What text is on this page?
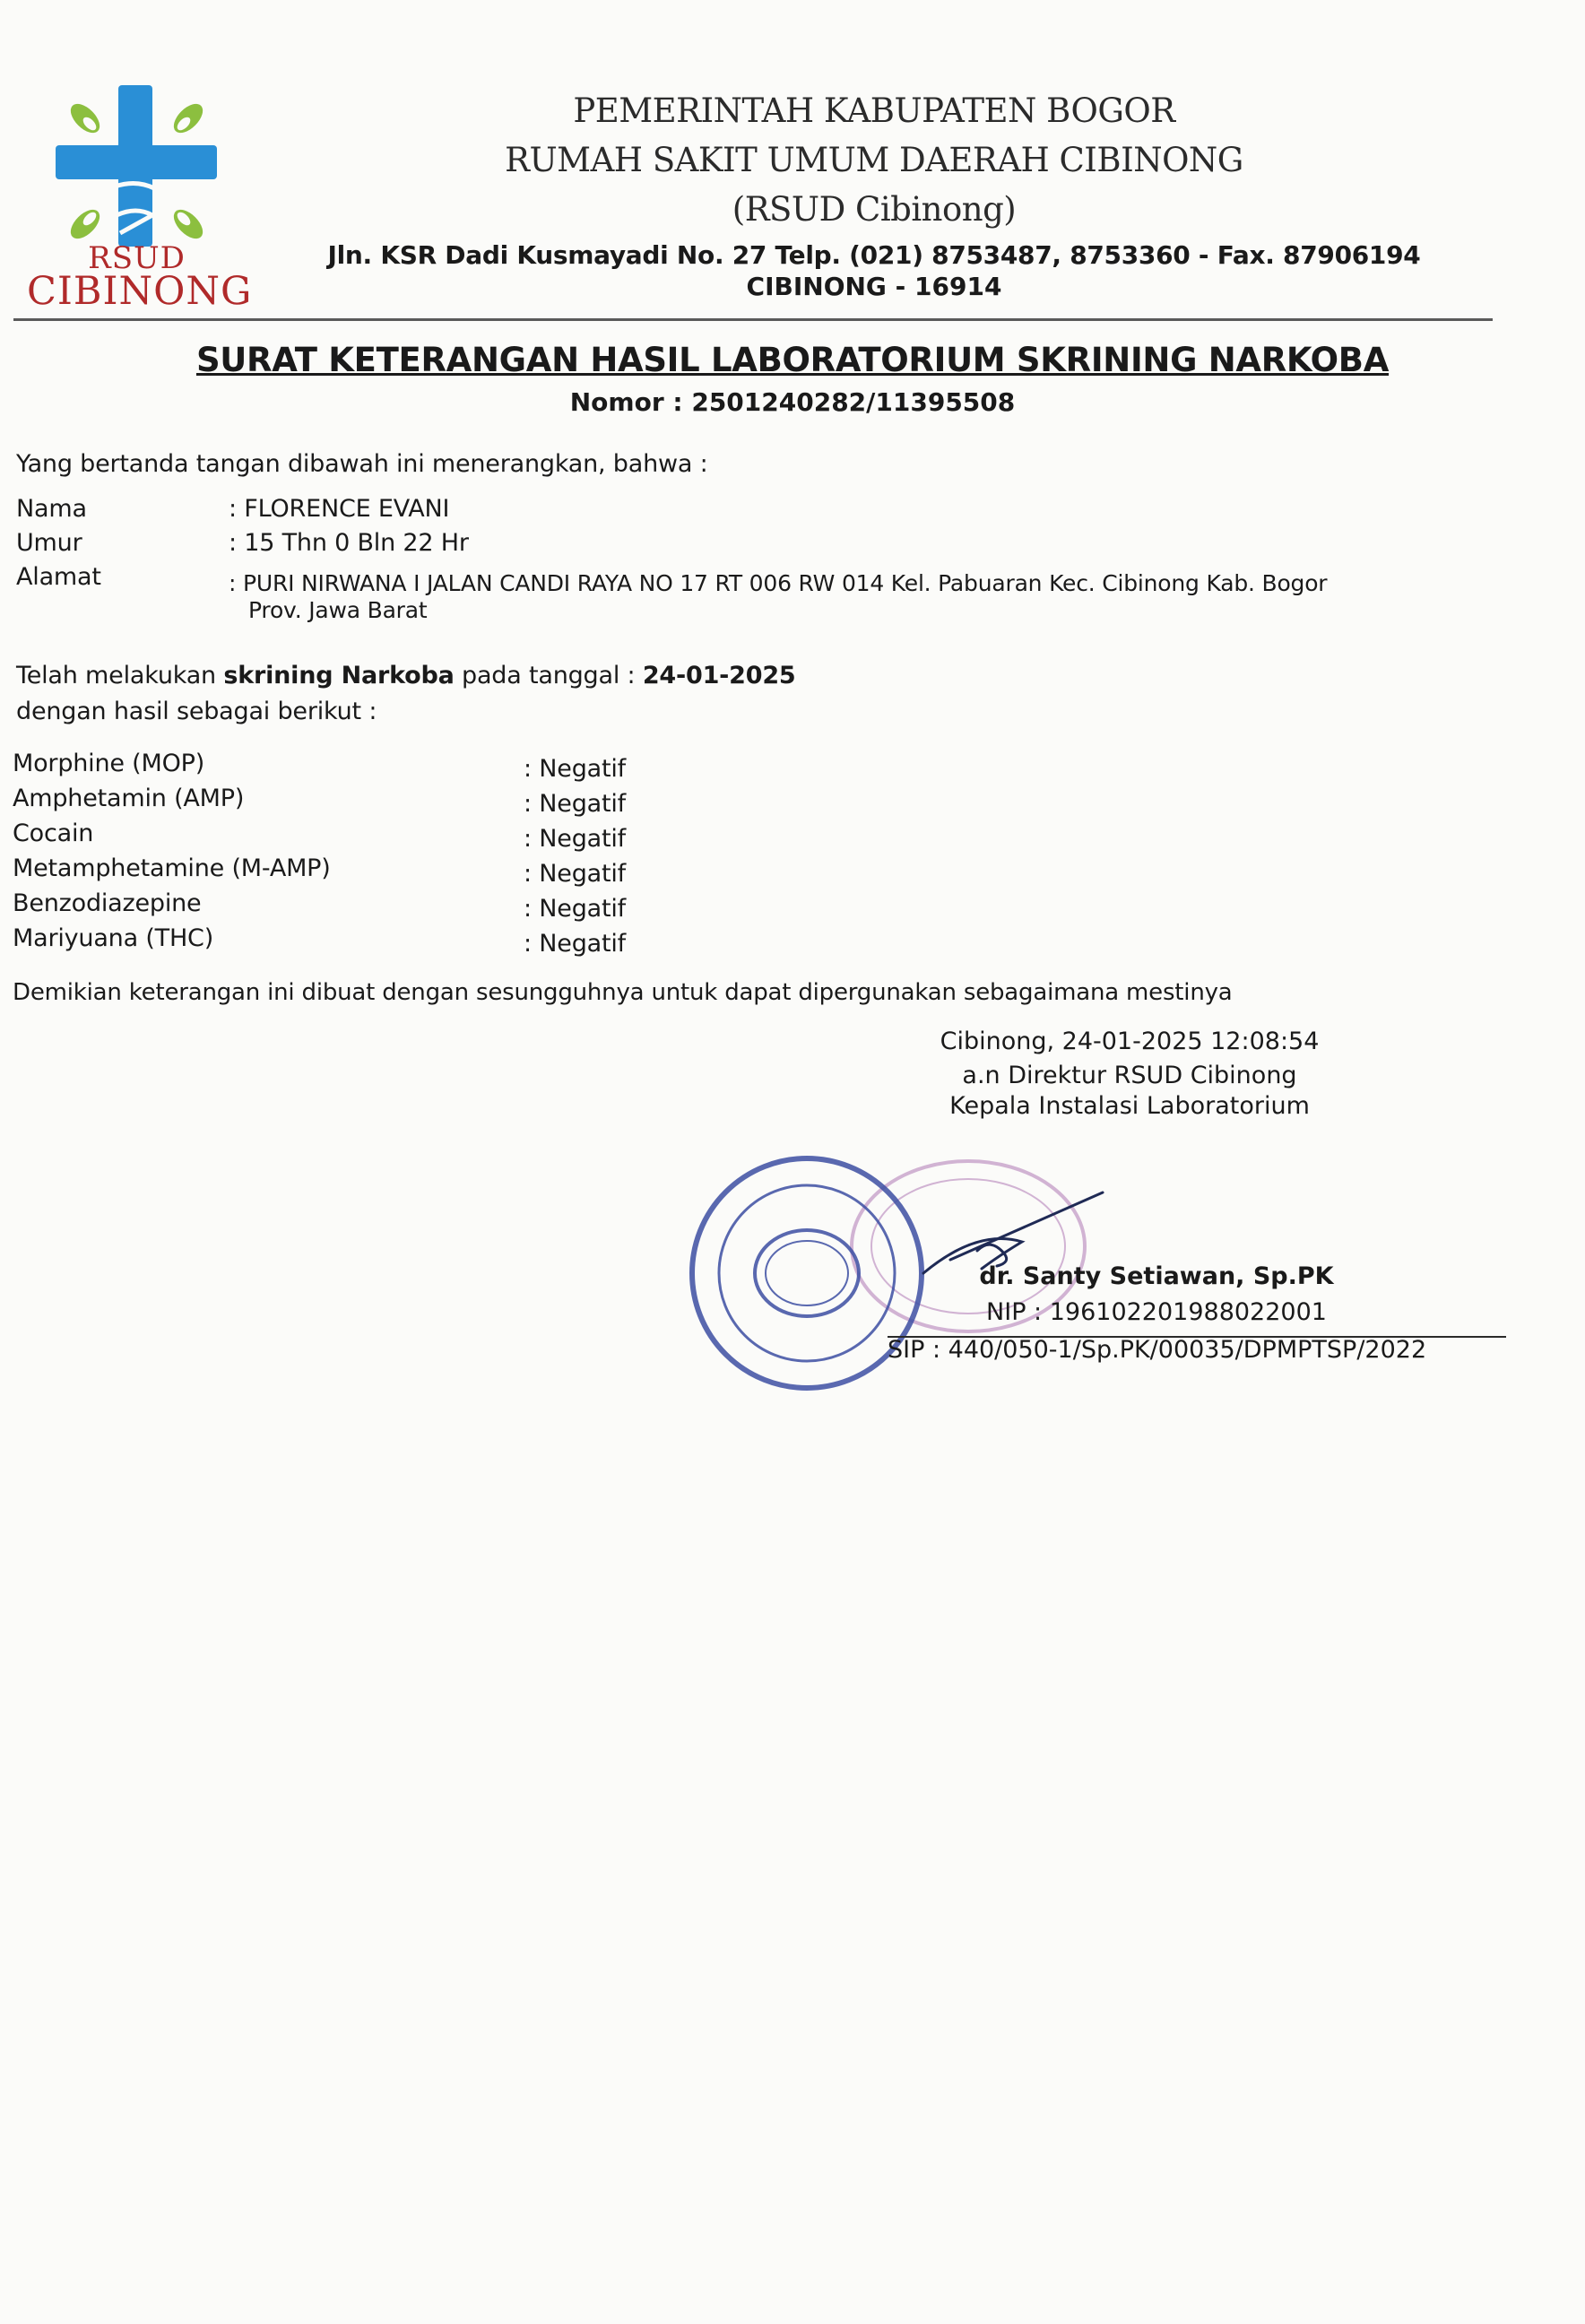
RSUD
CIBINONG
PEMERINTAH KABUPATEN BOGOR
RUMAH SAKIT UMUM DAERAH CIBINONG
(RSUD Cibinong)
Jln. KSR Dadi Kusmayadi No. 27 Telp. (021) 8753487, 8753360 - Fax. 87906194
CIBINONG - 16914
SURAT KETERANGAN HASIL LABORATORIUM SKRINING NARKOBA
Nomor : 2501240282/11395508
Yang bertanda tangan dibawah ini menerangkan, bahwa :
Nama	: FLORENCE EVANI
Umur	: 15 Thn 0 Bln 22 Hr
Alamat	: PURI NIRWANA I JALAN CANDI RAYA NO 17 RT 006 RW 014 Kel. Pabuaran Kec. Cibinong Kab. Bogor
Prov. Jawa Barat
Telah melakukan skrining Narkoba pada tanggal : 24-01-2025
dengan hasil sebagai berikut :
Morphine (MOP)	: Negatif
Amphetamin (AMP)	: Negatif
Cocain	: Negatif
Metamphetamine (M-AMP)	: Negatif
Benzodiazepine	: Negatif
Mariyuana (THC)	: Negatif
Demikian keterangan ini dibuat dengan sesungguhnya untuk dapat dipergunakan sebagaimana mestinya
Cibinong, 24-01-2025 12:08:54
a.n Direktur RSUD Cibinong
Kepala Instalasi Laboratorium
dr. Santy Setiawan, Sp.PK
NIP : 196102201988022001
SIP : 440/050-1/Sp.PK/00035/DPMPTSP/2022
